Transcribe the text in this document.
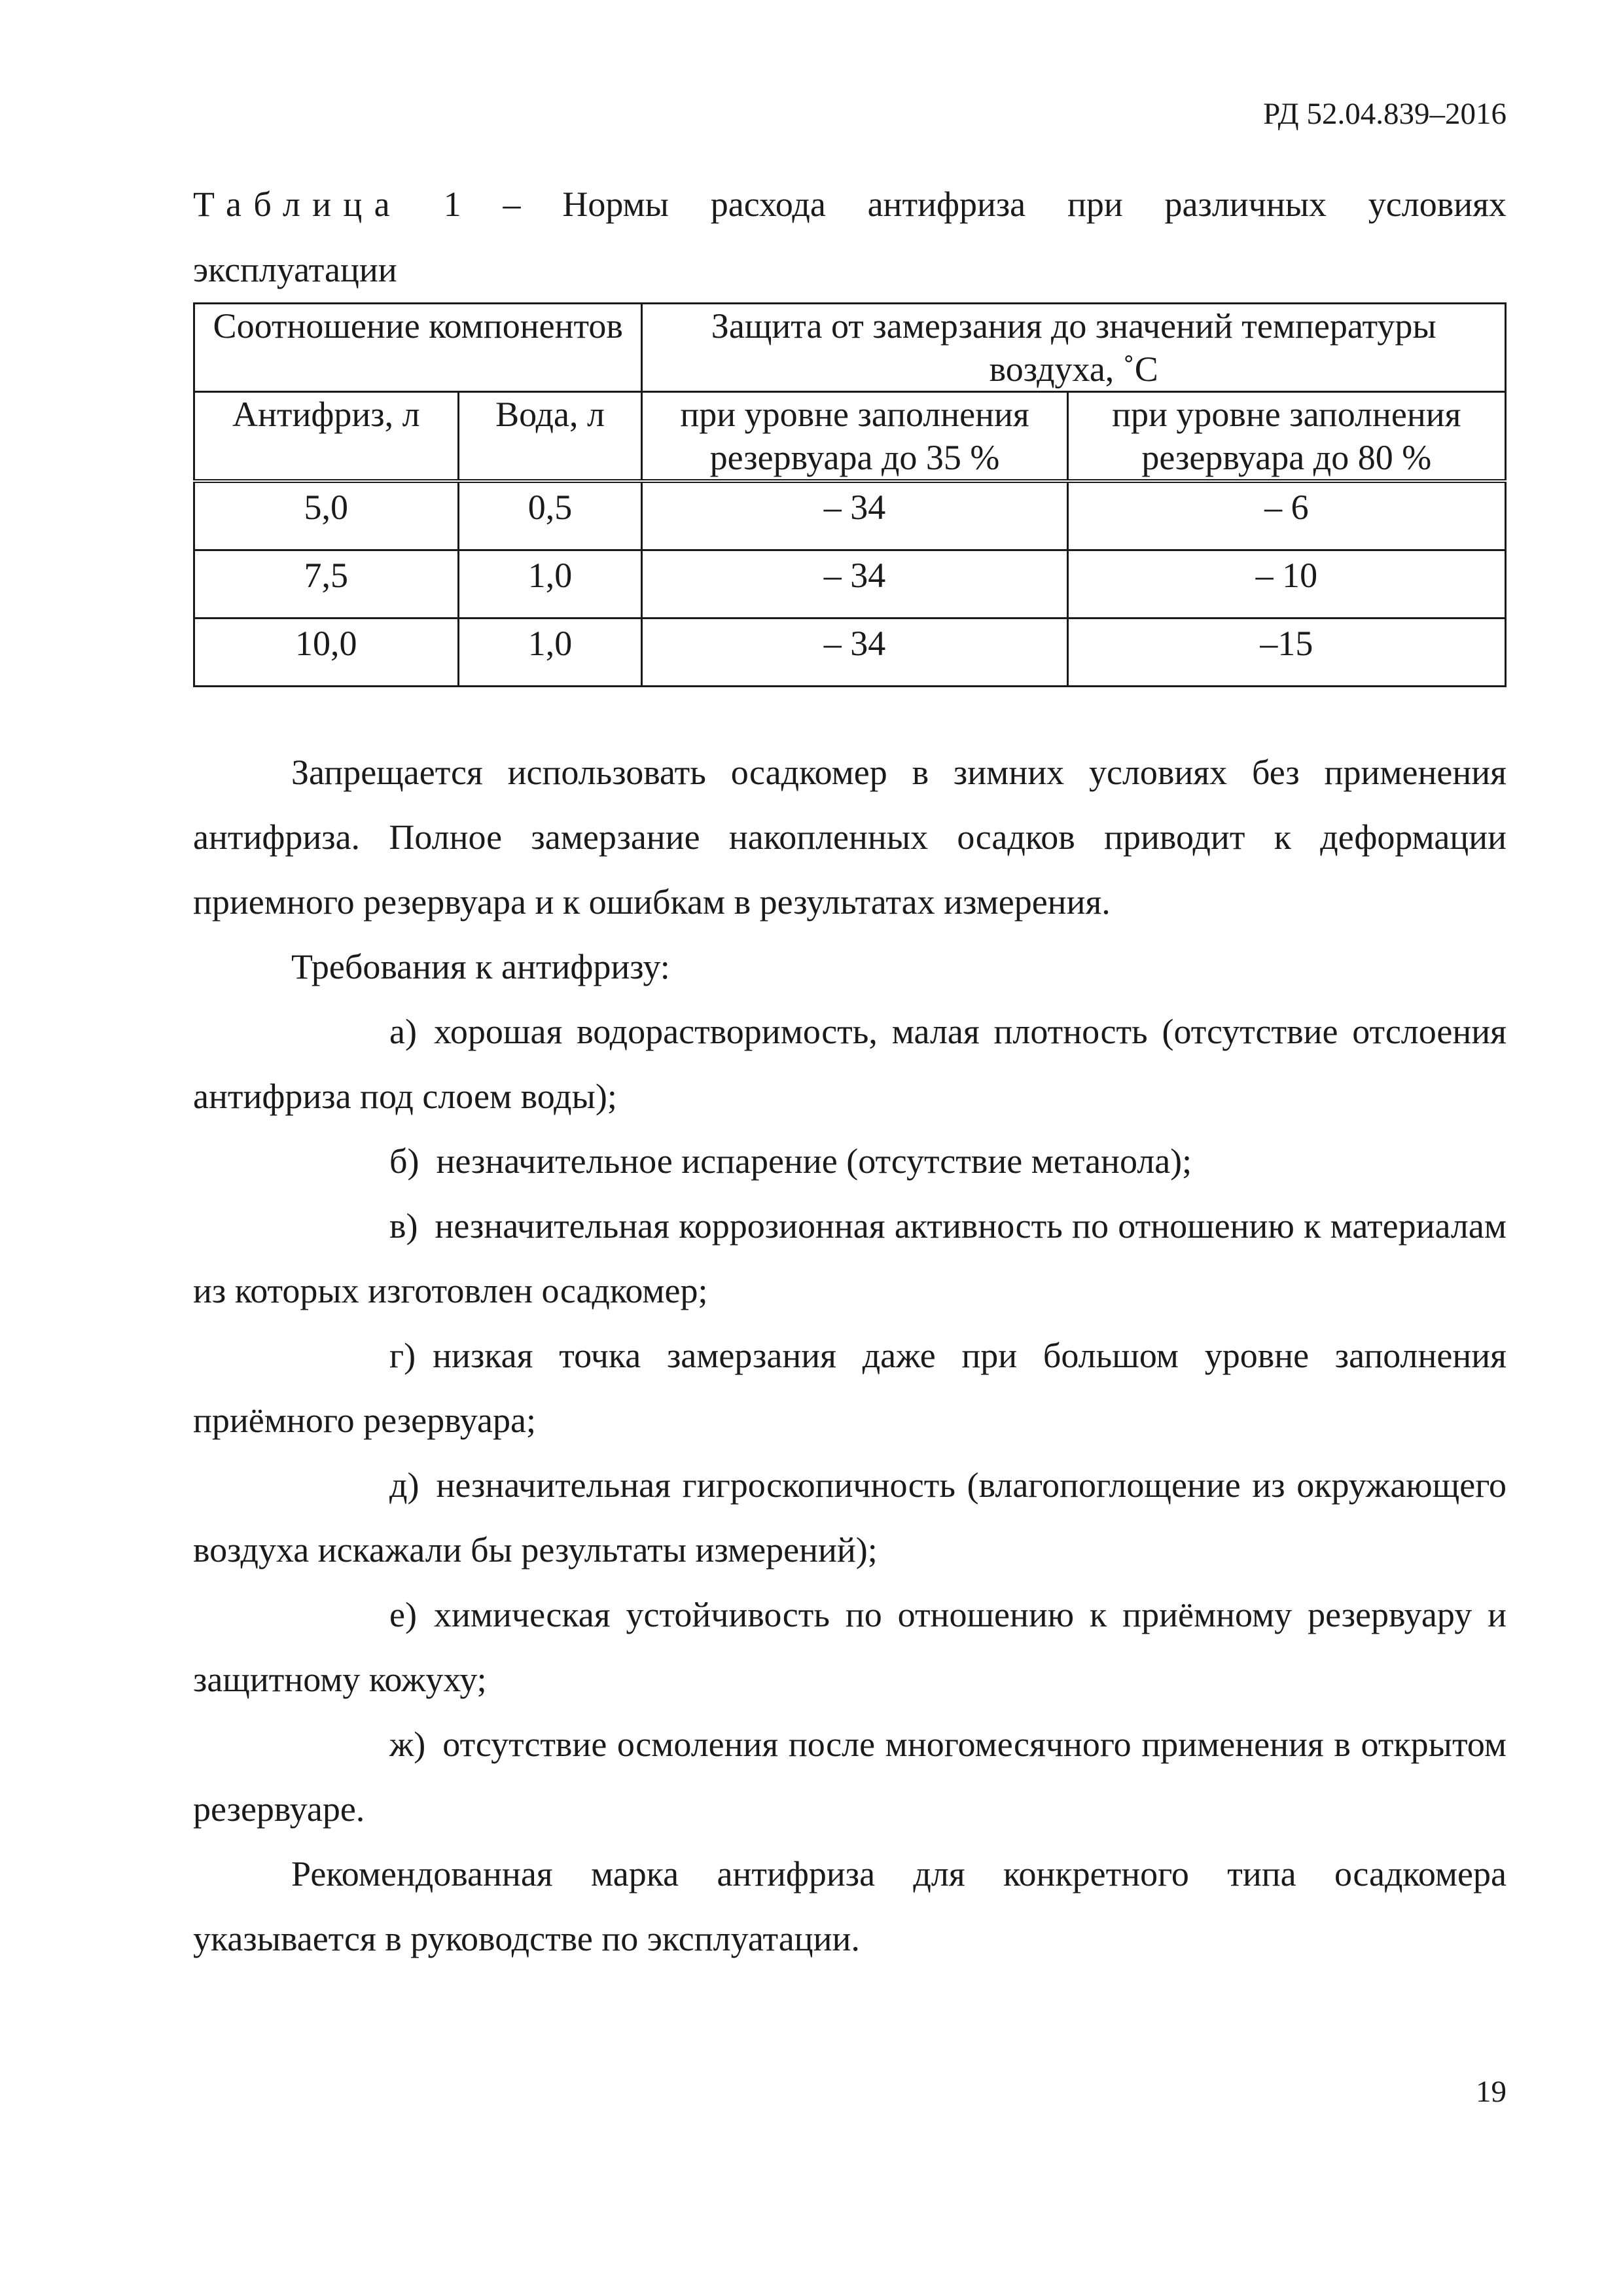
РД 52.04.839–2016
Таблица 1 – Нормы расхода антифриза при различных условиях
эксплуатации
Соотношение компонентов		Защита от замерзания до значений температуры воздуха, ˚С	
Антифриз, л	Вода, л	при уровне заполнения резервуара до 35 %	при уровне заполнения резервуара до 80 %
5,0	0,5	– 34	– 6
7,5	1,0	– 34	– 10
10,0	1,0	– 34	–15

Запрещается использовать осадкомер в зимних условиях без применения антифриза. Полное замерзание накопленных осадков приводит к деформации приемного резервуара и к ошибкам в результатах измерения.

Требования к антифризу:

а) хорошая водорастворимость, малая плотность (отсутствие отслоения антифриза под слоем воды);

б) незначительное испарение (отсутствие метанола);

в) незначительная коррозионная активность по отношению к материалам из которых изготовлен осадкомер;

г) низкая точка замерзания даже при большом уровне заполнения приёмного резервуара;

д) незначительная гигроскопичность (влагопоглощение из окружающего воздуха искажали бы результаты измерений);

е) химическая устойчивость по отношению к приёмному резервуару и защитному кожуху;

ж) отсутствие осмоления после многомесячного применения в открытом резервуаре.

Рекомендованная марка антифриза для конкретного типа осадкомера указывается в руководстве по эксплуатации.

19
